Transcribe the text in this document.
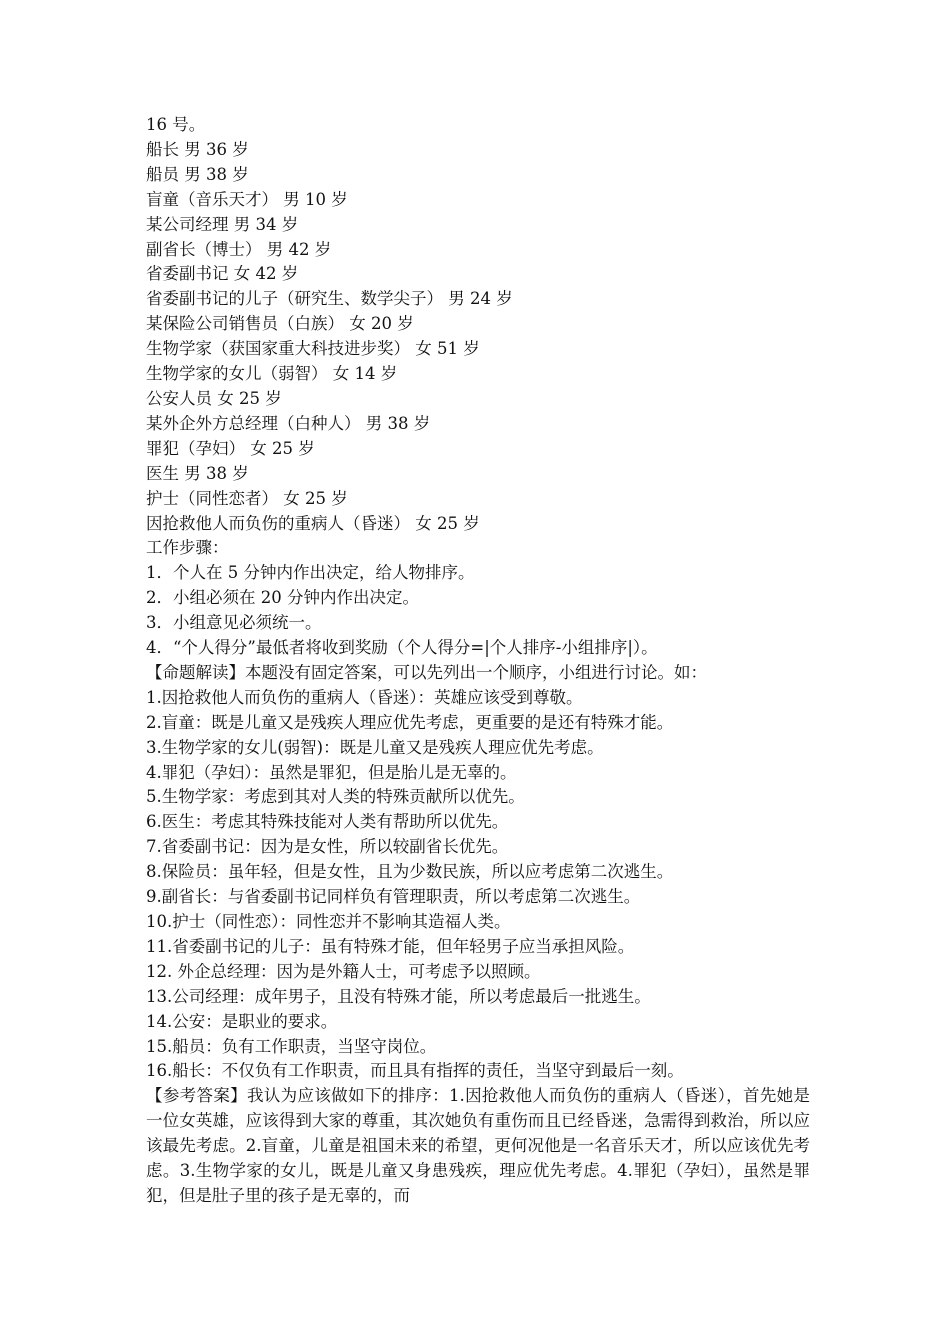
16 号。
船长 男 36 岁
船员 男 38 岁
盲童（音乐天才） 男 10 岁
某公司经理 男 34 岁
副省长（博士） 男 42 岁
省委副书记 女 42 岁
省委副书记的儿子（研究生、数学尖子） 男 24 岁
某保险公司销售员（白族） 女 20 岁
生物学家（获国家重大科技进步奖） 女 51 岁
生物学家的女儿（弱智） 女 14 岁
公安人员 女 25 岁
某外企外方总经理（白种人） 男 38 岁
罪犯（孕妇） 女 25 岁
医生 男 38 岁
护士（同性恋者） 女 25 岁
因抢救他人而负伤的重病人（昏迷） 女 25 岁
工作步骤：
1．个人在 5 分钟内作出决定，给人物排序。
2．小组必须在 20 分钟内作出决定。
3．小组意见必须统一。
4．“个人得分”最低者将收到奖励（个人得分=|个人排序-小组排序|）。
【命题解读】本题没有固定答案，可以先列出一个顺序，小组进行讨论。如：
1.因抢救他人而负伤的重病人（昏迷）：英雄应该受到尊敬。
2.盲童：既是儿童又是残疾人理应优先考虑，更重要的是还有特殊才能。
3.生物学家的女儿(弱智)：既是儿童又是残疾人理应优先考虑。
4.罪犯（孕妇）：虽然是罪犯，但是胎儿是无辜的。
5.生物学家：考虑到其对人类的特殊贡献所以优先。
6.医生：考虑其特殊技能对人类有帮助所以优先。
7.省委副书记：因为是女性，所以较副省长优先。
8.保险员：虽年轻，但是女性，且为少数民族，所以应考虑第二次逃生。
9.副省长：与省委副书记同样负有管理职责，所以考虑第二次逃生。
10.护士（同性恋）：同性恋并不影响其造福人类。
11.省委副书记的儿子：虽有特殊才能，但年轻男子应当承担风险。
12. 外企总经理：因为是外籍人士，可考虑予以照顾。
13.公司经理：成年男子，且没有特殊才能，所以考虑最后一批逃生。
14.公安：是职业的要求。
15.船员：负有工作职责，当坚守岗位。
16.船长：不仅负有工作职责，而且具有指挥的责任，当坚守到最后一刻。
【参考答案】我认为应该做如下的排序：1.因抢救他人而负伤的重病人（昏迷），首先她是一位女英雄，应该得到大家的尊重，其次她负有重伤而且已经昏迷，急需得到救治，所以应该最先考虑。2.盲童，儿童是祖国未来的希望，更何况他是一名音乐天才，所以应该优先考虑。3.生物学家的女儿，既是儿童又身患残疾，理应优先考虑。4.罪犯（孕妇），虽然是罪犯，但是肚子里的孩子是无辜的，而
